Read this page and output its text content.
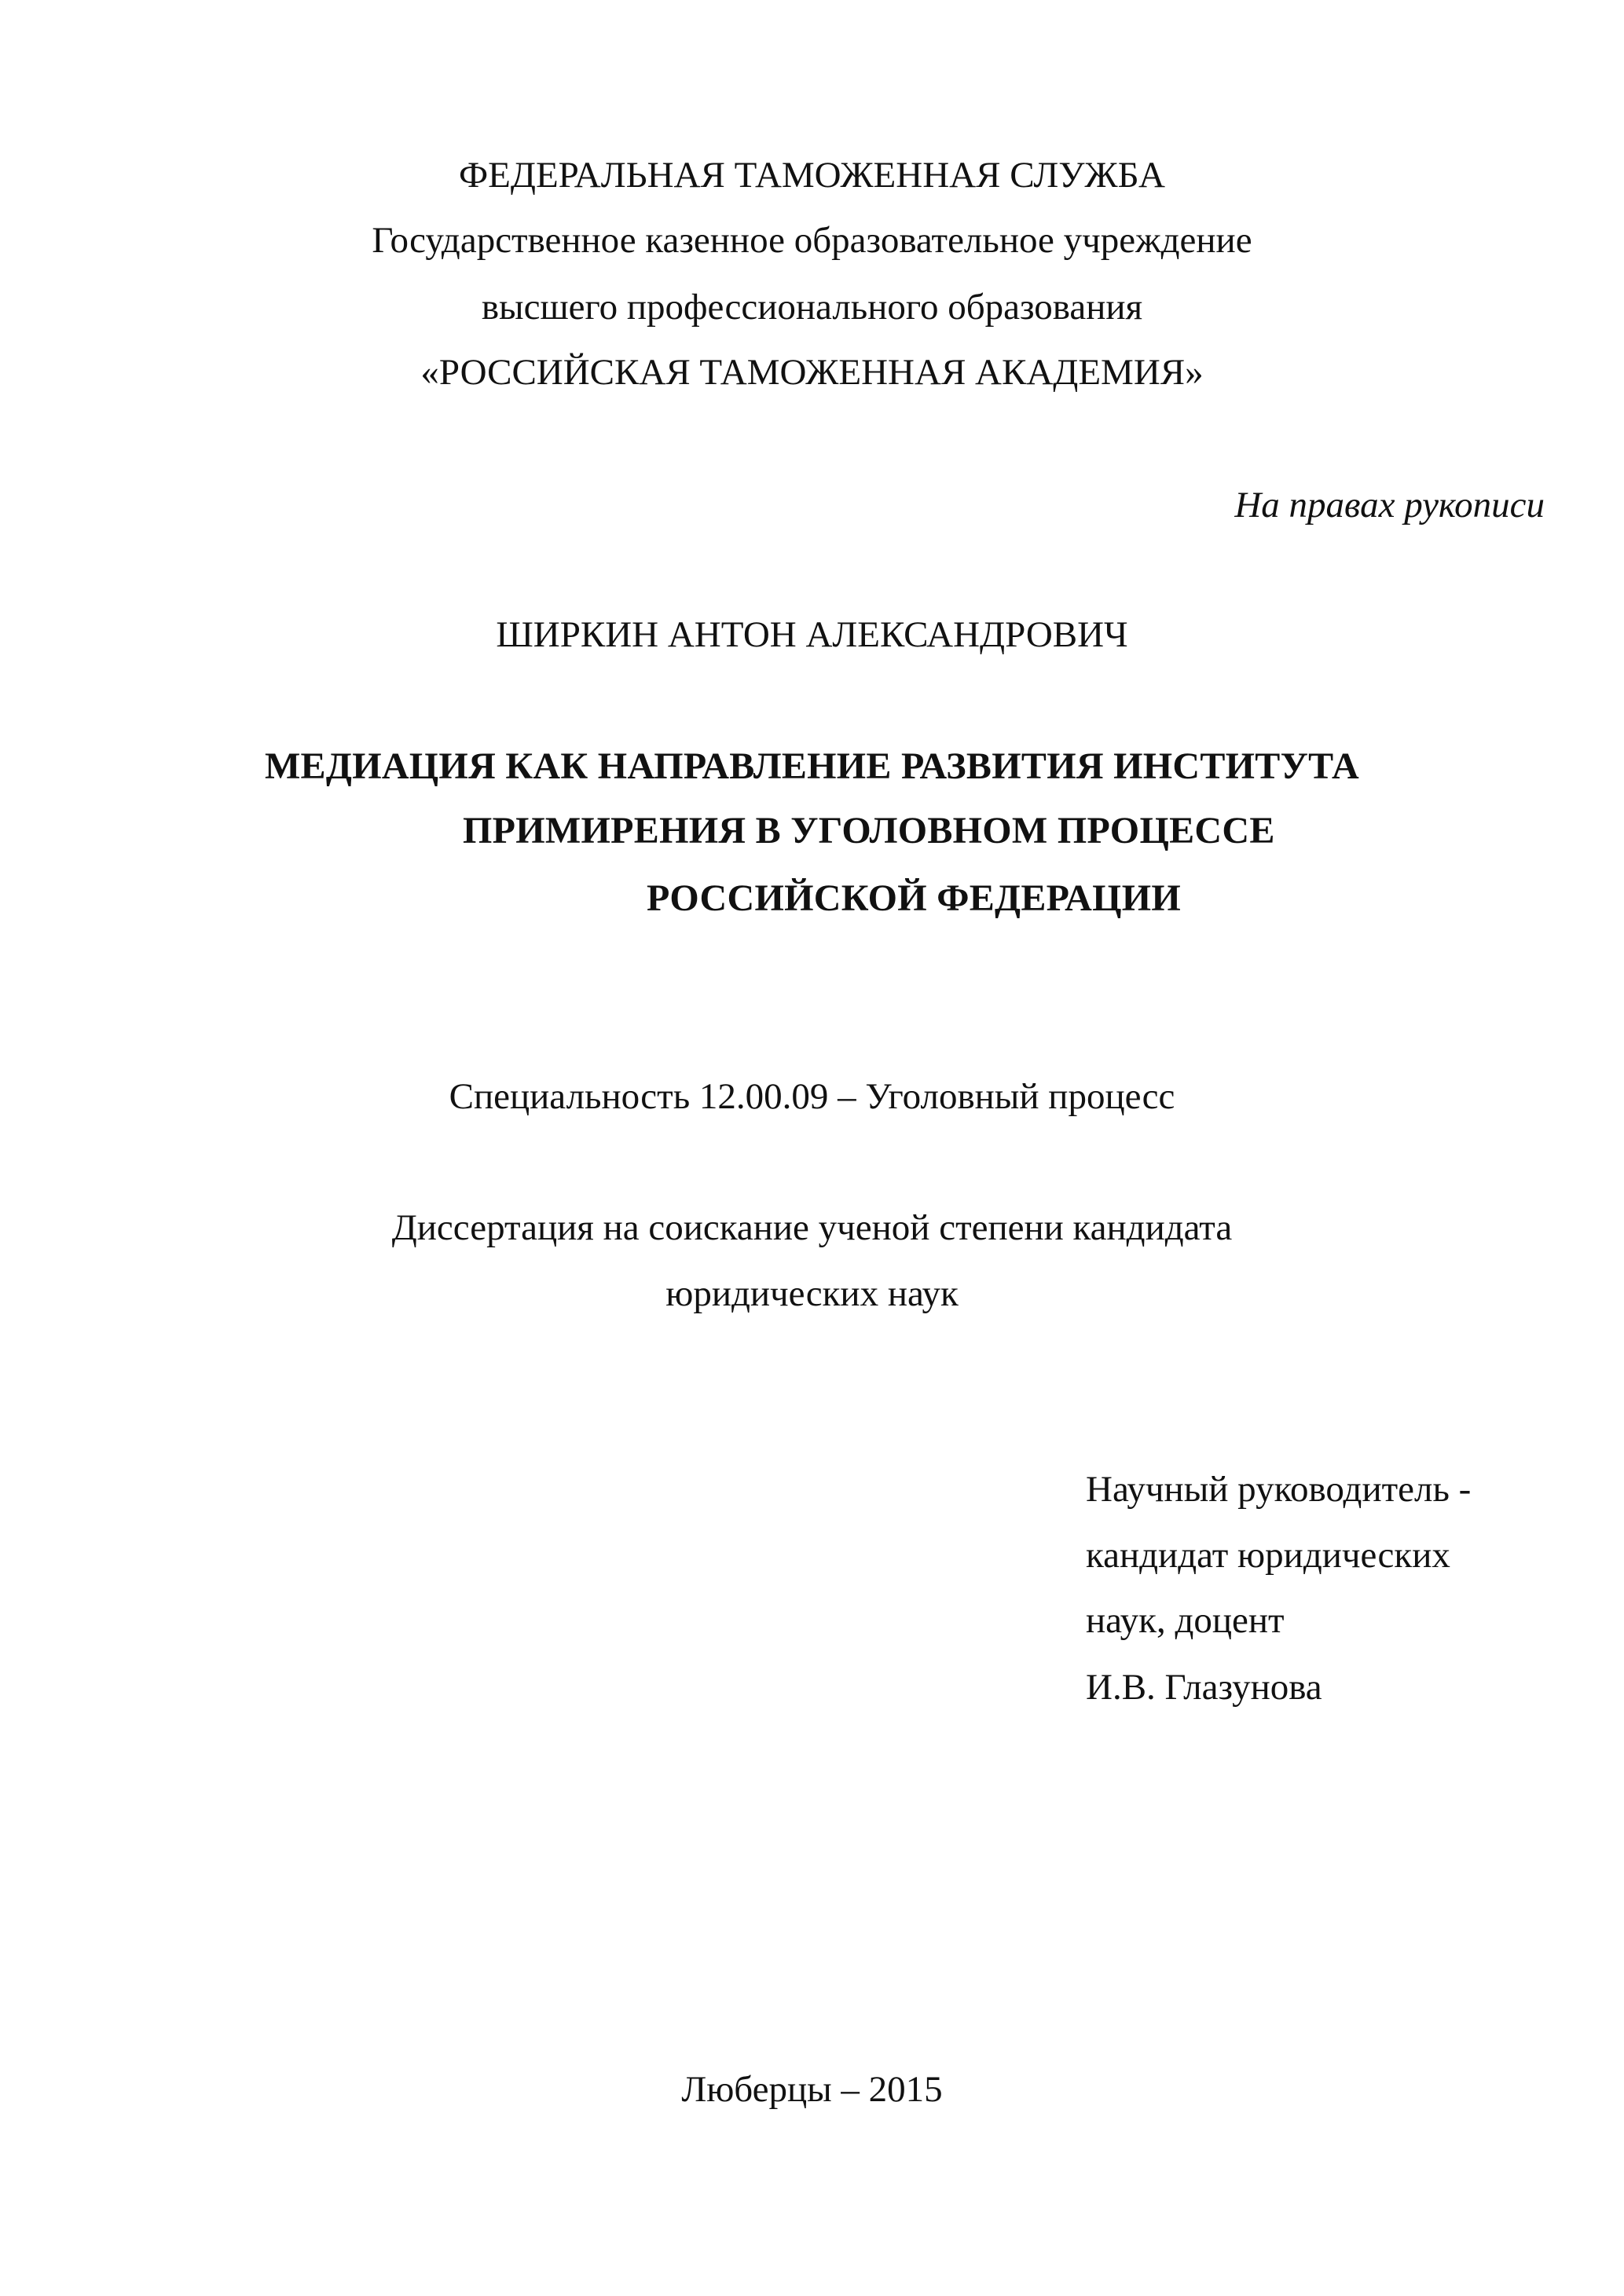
ФЕДЕРАЛЬНАЯ ТАМОЖЕННАЯ СЛУЖБА
Государственное казенное образовательное учреждение
высшего профессионального образования
«РОССИЙСКАЯ ТАМОЖЕННАЯ АКАДЕМИЯ»
На правах рукописи
ШИРКИН АНТОН АЛЕКСАНДРОВИЧ
МЕДИАЦИЯ КАК НАПРАВЛЕНИЕ РАЗВИТИЯ ИНСТИТУТА
ПРИМИРЕНИЯ В УГОЛОВНОМ ПРОЦЕССЕ
РОССИЙСКОЙ ФЕДЕРАЦИИ
Специальность 12.00.09 – Уголовный процесс
Диссертация на соискание ученой степени кандидата
юридических наук
Научный руководитель -
кандидат юридических
наук, доцент
И.В. Глазунова
Люберцы – 2015
